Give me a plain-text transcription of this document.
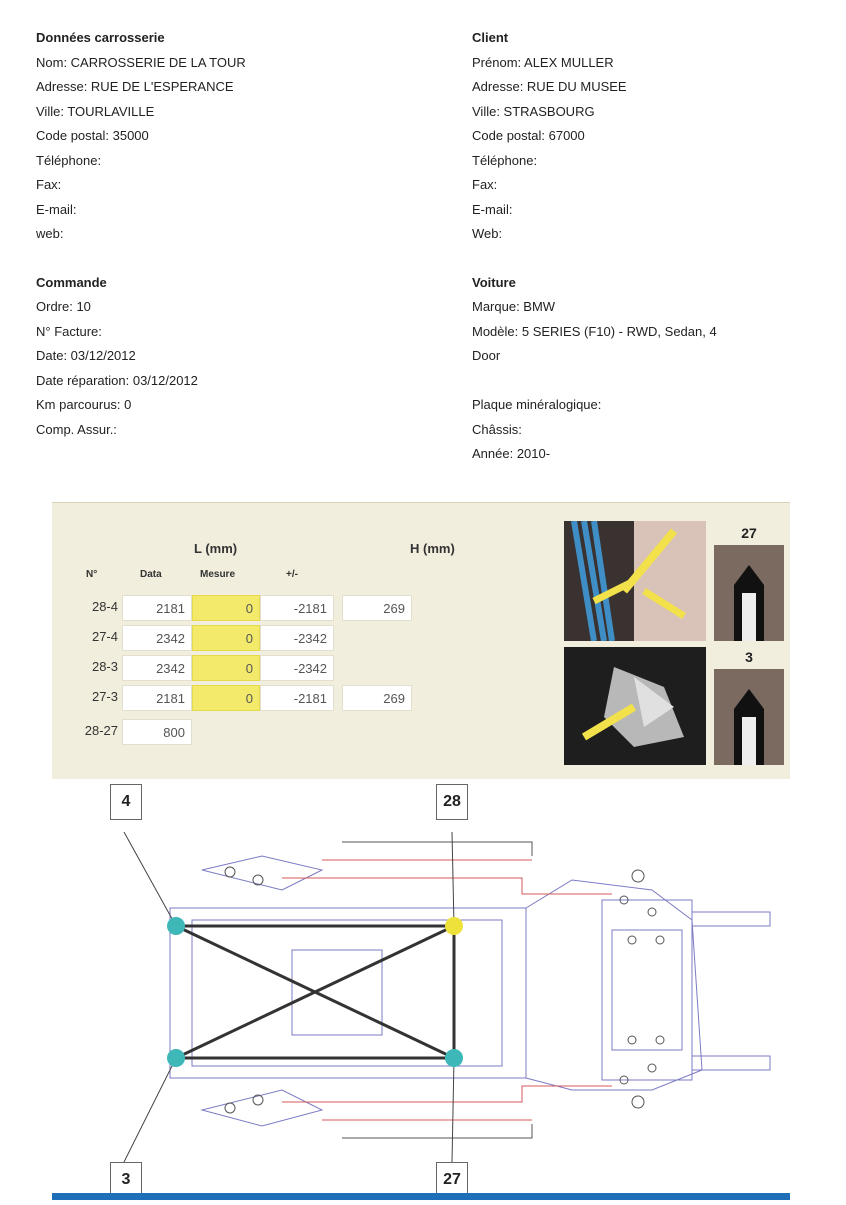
Données carrosserie
Nom: CARROSSERIE DE LA TOUR
Adresse: RUE DE L'ESPERANCE
Ville: TOURLAVILLE
Code postal: 35000
Téléphone:
Fax:
E-mail:
web:
Commande
Ordre: 10
N° Facture:
Date: 03/12/2012
Date réparation: 03/12/2012
Km parcourus: 0
Comp. Assur.:
Client
Prénom: ALEX MULLER
Adresse: RUE DU MUSEE
Ville: STRASBOURG
Code postal: 67000
Téléphone:
Fax:
E-mail:
Web:
Voiture
Marque: BMW
Modèle: 5 SERIES (F10) - RWD, Sedan, 4
Door
Plaque minéralogique:
Châssis:
Année: 2010-
L (mm)	H (mm)
N°	Data	Mesure	+/-
28-4	2181	0	-2181	269
27-4	2342	0	-2342
28-3	2342	0	-2342
27-3	2181	0	-2181	269
28-27	800
27
3
4	28
3	27
